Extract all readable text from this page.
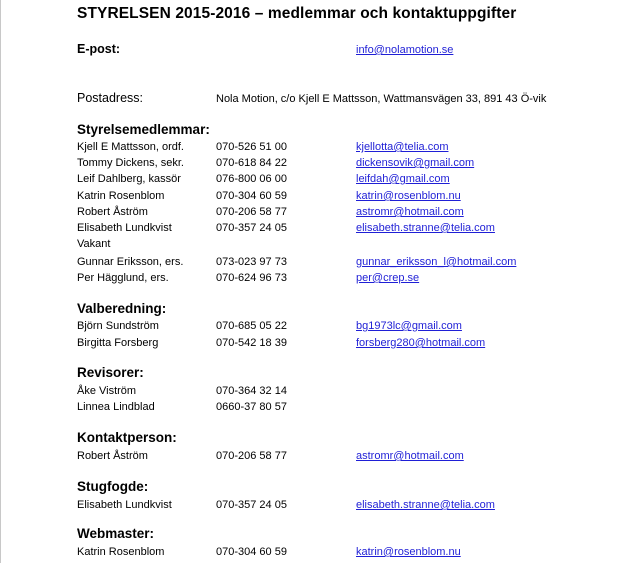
STYRELSEN 2015-2016 – medlemmar och kontaktuppgifter
E-post:	info@nolamotion.se
Postadress:	Nola Motion, c/o Kjell E Mattsson, Wattmansvägen 33, 891 43 Ö-vik
Styrelsemedlemmar:
Kjell E Mattsson, ordf.	070-526 51 00	kjellotta@telia.com
Tommy Dickens, sekr.	070-618 84 22	dickensovik@gmail.com
Leif Dahlberg, kassör	076-800 06 00	leifdah@gmail.com
Katrin Rosenblom	070-304 60 59	katrin@rosenblom.nu
Robert Åström	070-206 58 77	astromr@hotmail.com
Elisabeth Lundkvist	070-357 24 05	elisabeth.stranne@telia.com
Vakant
Gunnar Eriksson, ers.	073-023 97 73	gunnar_eriksson_l@hotmail.com
Per Hägglund, ers.	070-624 96 73	per@crep.se
Valberedning:
Björn Sundström	070-685 05 22	bg1973lc@gmail.com
Birgitta Forsberg	070-542 18 39	forsberg280@hotmail.com
Revisorer:
Åke Viström	070-364 32 14
Linnea Lindblad	0660-37 80 57
Kontaktperson:
Robert Åström	070-206 58 77	astromr@hotmail.com
Stugfogde:
Elisabeth Lundkvist	070-357 24 05	elisabeth.stranne@telia.com
Webmaster:
Katrin Rosenblom	070-304 60 59	katrin@rosenblom.nu
